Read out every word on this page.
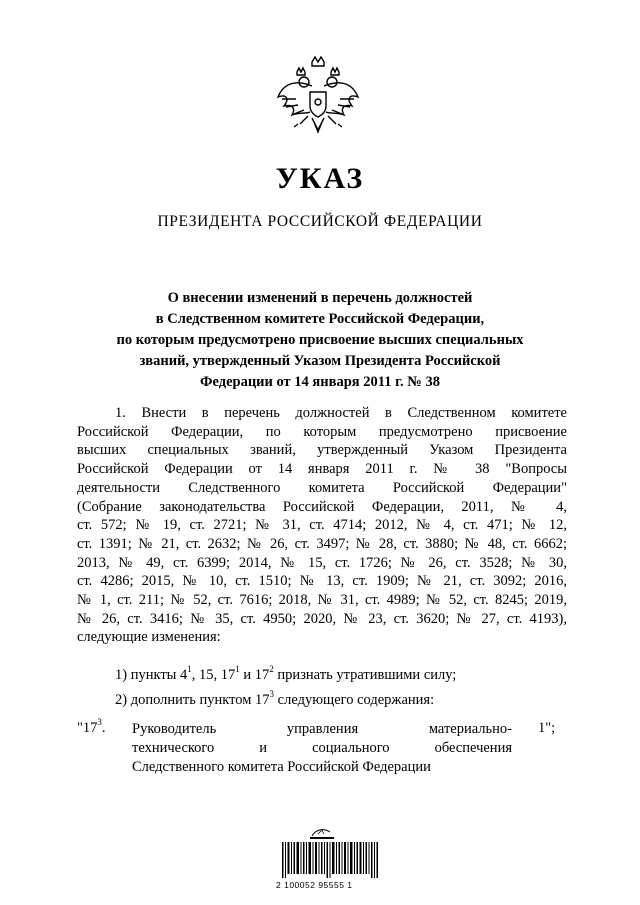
УКАЗ
ПРЕЗИДЕНТА РОССИЙСКОЙ ФЕДЕРАЦИИ
О внесении изменений в перечень должностей
в Следственном комитете Российской Федерации,
по которым предусмотрено присвоение высших специальных
званий, утвержденный Указом Президента Российской
Федерации от 14 января 2011 г. № 38
1. Внести в перечень должностей в Следственном комитете
Российской Федерации, по которым предусмотрено присвоение
высших специальных званий, утвержденный Указом Президента
Российской Федерации от 14 января 2011 г. № 38 "Вопросы
деятельности Следственного комитета Российской Федерации"
(Собрание законодательства Российской Федерации, 2011, № 4,
ст. 572; № 19, ст. 2721; № 31, ст. 4714; 2012, № 4, ст. 471; № 12,
ст. 1391; № 21, ст. 2632; № 26, ст. 3497; № 28, ст. 3880; № 48, ст. 6662;
2013, № 49, ст. 6399; 2014, № 15, ст. 1726; № 26, ст. 3528; № 30,
ст. 4286; 2015, № 10, ст. 1510; № 13, ст. 1909; № 21, ст. 3092; 2016,
№ 1, ст. 211; № 52, ст. 7616; 2018, № 31, ст. 4989; № 52, ст. 8245; 2019,
№ 26, ст. 3416; № 35, ст. 4950; 2020, № 23, ст. 3620; № 27, ст. 4193),
следующие изменения:
1) пункты $4^1$, 15, $17^1$ и $17^2$ признать утратившими силу;
2) дополнить пунктом $17^3$ следующего содержания:
"$17^3$. Руководитель управления материально-
технического и социального обеспечения
Следственного комитета Российской Федерации
1";
2 100052 95555 1
